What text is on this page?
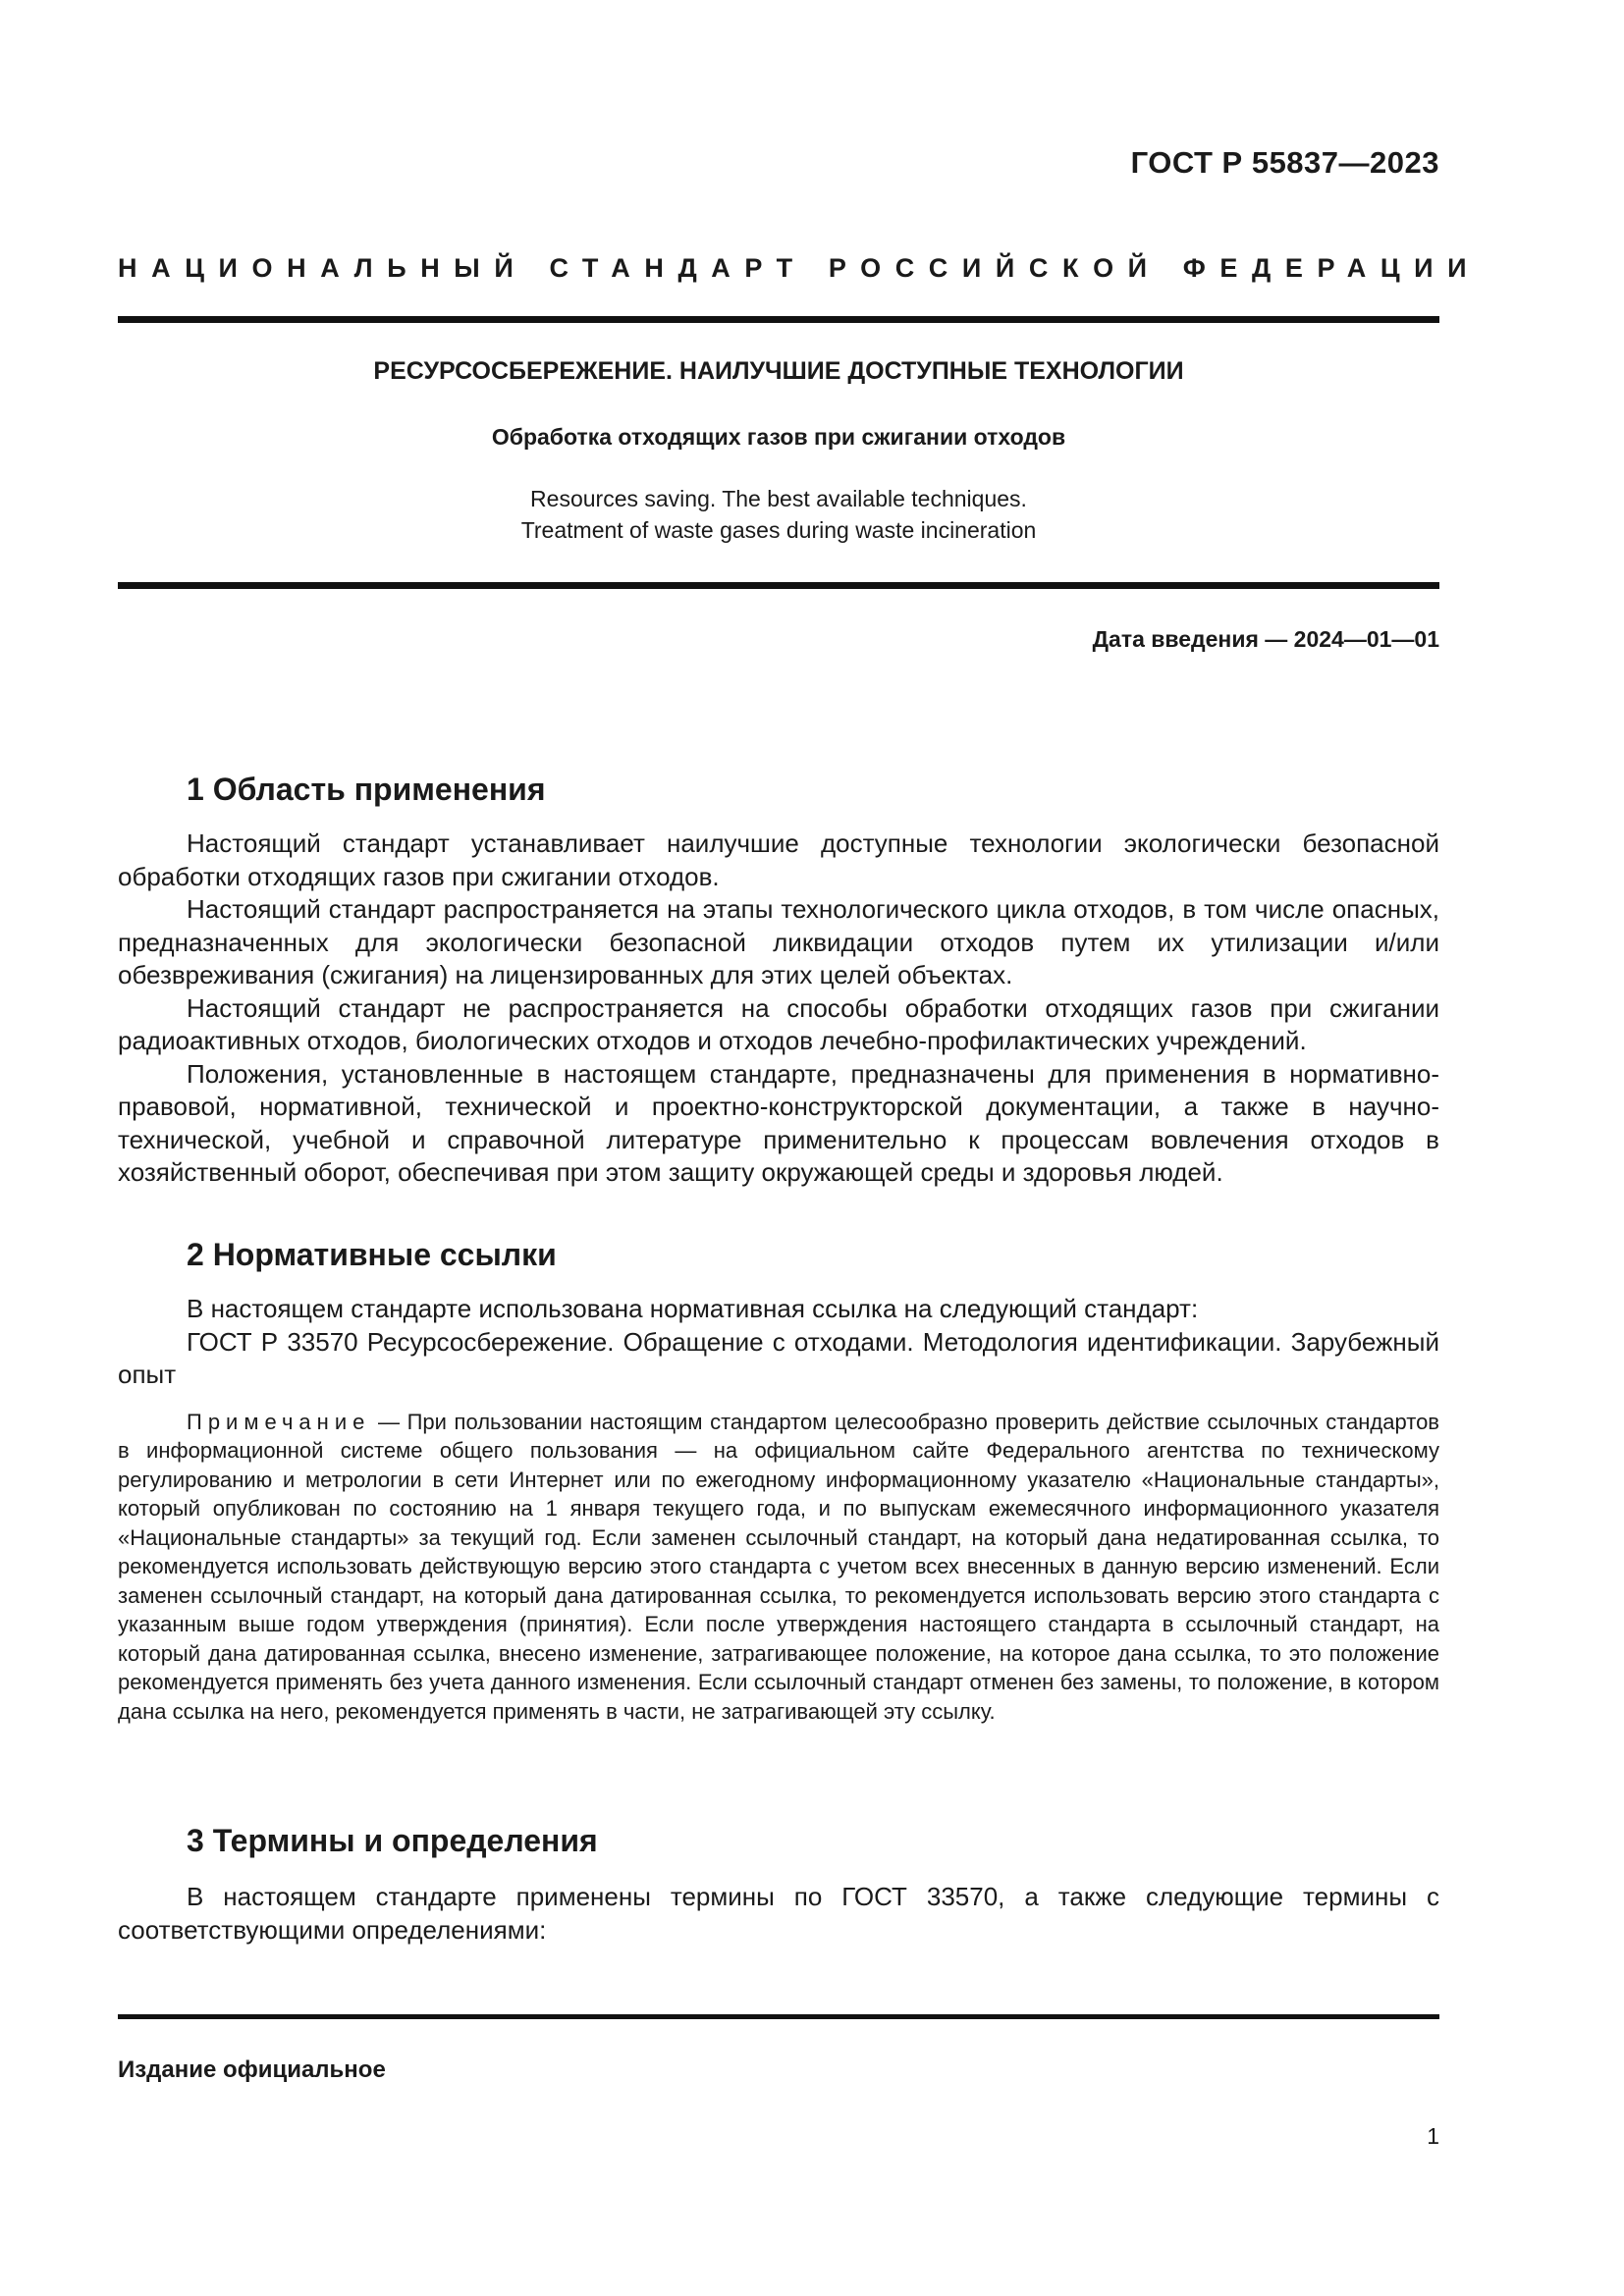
ГОСТ Р 55837—2023
НАЦИОНАЛЬНЫЙ СТАНДАРТ РОССИЙСКОЙ ФЕДЕРАЦИИ
РЕСУРСОСБЕРЕЖЕНИЕ. НАИЛУЧШИЕ ДОСТУПНЫЕ ТЕХНОЛОГИИ
Обработка отходящих газов при сжигании отходов
Resources saving. The best available techniques.
Treatment of waste gases during waste incineration
Дата введения — 2024—01—01
1 Область применения

Настоящий стандарт устанавливает наилучшие доступные технологии экологически безопасной обработки отходящих газов при сжигании отходов.

Настоящий стандарт распространяется на этапы технологического цикла отходов, в том числе опасных, предназначенных для экологически безопасной ликвидации отходов путем их утилизации и/или обезвреживания (сжигания) на лицензированных для этих целей объектах.

Настоящий стандарт не распространяется на способы обработки отходящих газов при сжигании радиоактивных отходов, биологических отходов и отходов лечебно-профилактических учреждений.

Положения, установленные в настоящем стандарте, предназначены для применения в нормативно-правовой, нормативной, технической и проектно-конструкторской документации, а также в научно-технической, учебной и справочной литературе применительно к процессам вовлечения отходов в хозяйственный оборот, обеспечивая при этом защиту окружающей среды и здоровья людей.

2 Нормативные ссылки

В настоящем стандарте использована нормативная ссылка на следующий стандарт:

ГОСТ Р 33570 Ресурсосбережение. Обращение с отходами. Методология идентификации. Зарубежный опыт

Примечание — При пользовании настоящим стандартом целесообразно проверить действие ссылочных стандартов в информационной системе общего пользования — на официальном сайте Федерального агентства по техническому регулированию и метрологии в сети Интернет или по ежегодному информационному указателю «Национальные стандарты», который опубликован по состоянию на 1 января текущего года, и по выпускам ежемесячного информационного указателя «Национальные стандарты» за текущий год. Если заменен ссылочный стандарт, на который дана недатированная ссылка, то рекомендуется использовать действующую версию этого стандарта с учетом всех внесенных в данную версию изменений. Если заменен ссылочный стандарт, на который дана датированная ссылка, то рекомендуется использовать версию этого стандарта с указанным выше годом утверждения (принятия). Если после утверждения настоящего стандарта в ссылочный стандарт, на который дана датированная ссылка, внесено изменение, затрагивающее положение, на которое дана ссылка, то это положение рекомендуется применять без учета данного изменения. Если ссылочный стандарт отменен без замены, то положение, в котором дана ссылка на него, рекомендуется применять в части, не затрагивающей эту ссылку.

3 Термины и определения

В настоящем стандарте применены термины по ГОСТ 33570, а также следующие термины с соответствующими определениями:

Издание официальное
1
